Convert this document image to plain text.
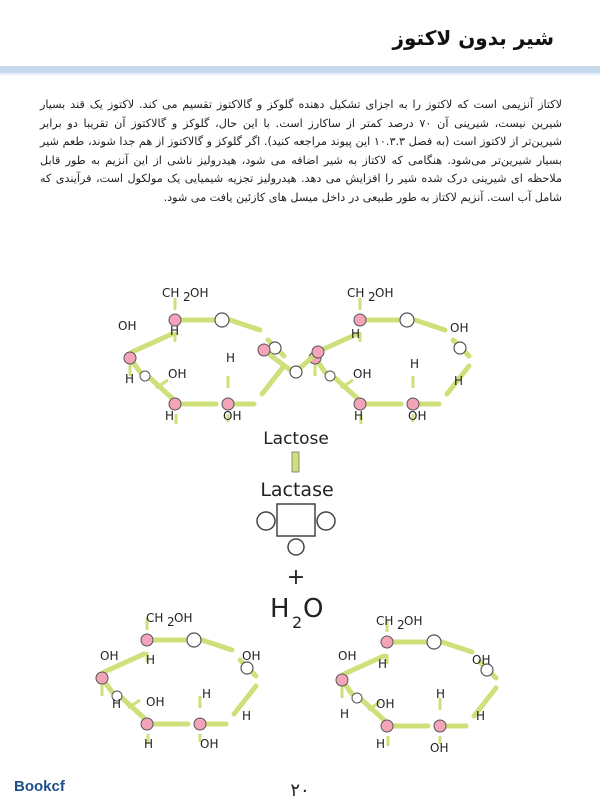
شیر بدون لاکتوز

لاکتاز آنزیمی است که لاکتوز را به اجزای تشکیل دهنده گلوکز و گالاکتوز تقسیم می کند. لاکتوز یک قند بسیار شیرین نیست، شیرینی آن ۷۰ درصد کمتر از ساکارز است. با این حال، گلوکز و گالاکتوز آن تقریبا دو برابر شیرین‌تر از لاکتوز است (به فصل ۱۰.۳.۳ این پیوند مراجعه کنید). اگر گلوکز و گالاکتوز از هم جدا شوند، طعم شیر بسیار شیرین‌تر می‌شود. هنگامی که لاکتاز به شیر اضافه می شود، هیدرولیز ناشی از این آنزیم به طور قابل ملاحظه ای شیرینی درک شده شیر را افزایش می دهد. هیدرولیز تجزیه شیمیایی یک مولکول است، فرآیندی که شامل آب است. آنزیم لاکتاز به طور طبیعی در داخل میسل های کازئین یافت می شود.

CH 2 OH
OH	H
H	OH
H
H	OH
CH 2 OH
H	OH
OH
H
H
H	OH
Lactose
Lactase
+
H 2 O
CH 2 OH
OH H	OH
H OH
H
H
H	OH
CH 2 OH
OH
H	OH
H
OH
H
H
H	OH
Bookcf	۲۰
